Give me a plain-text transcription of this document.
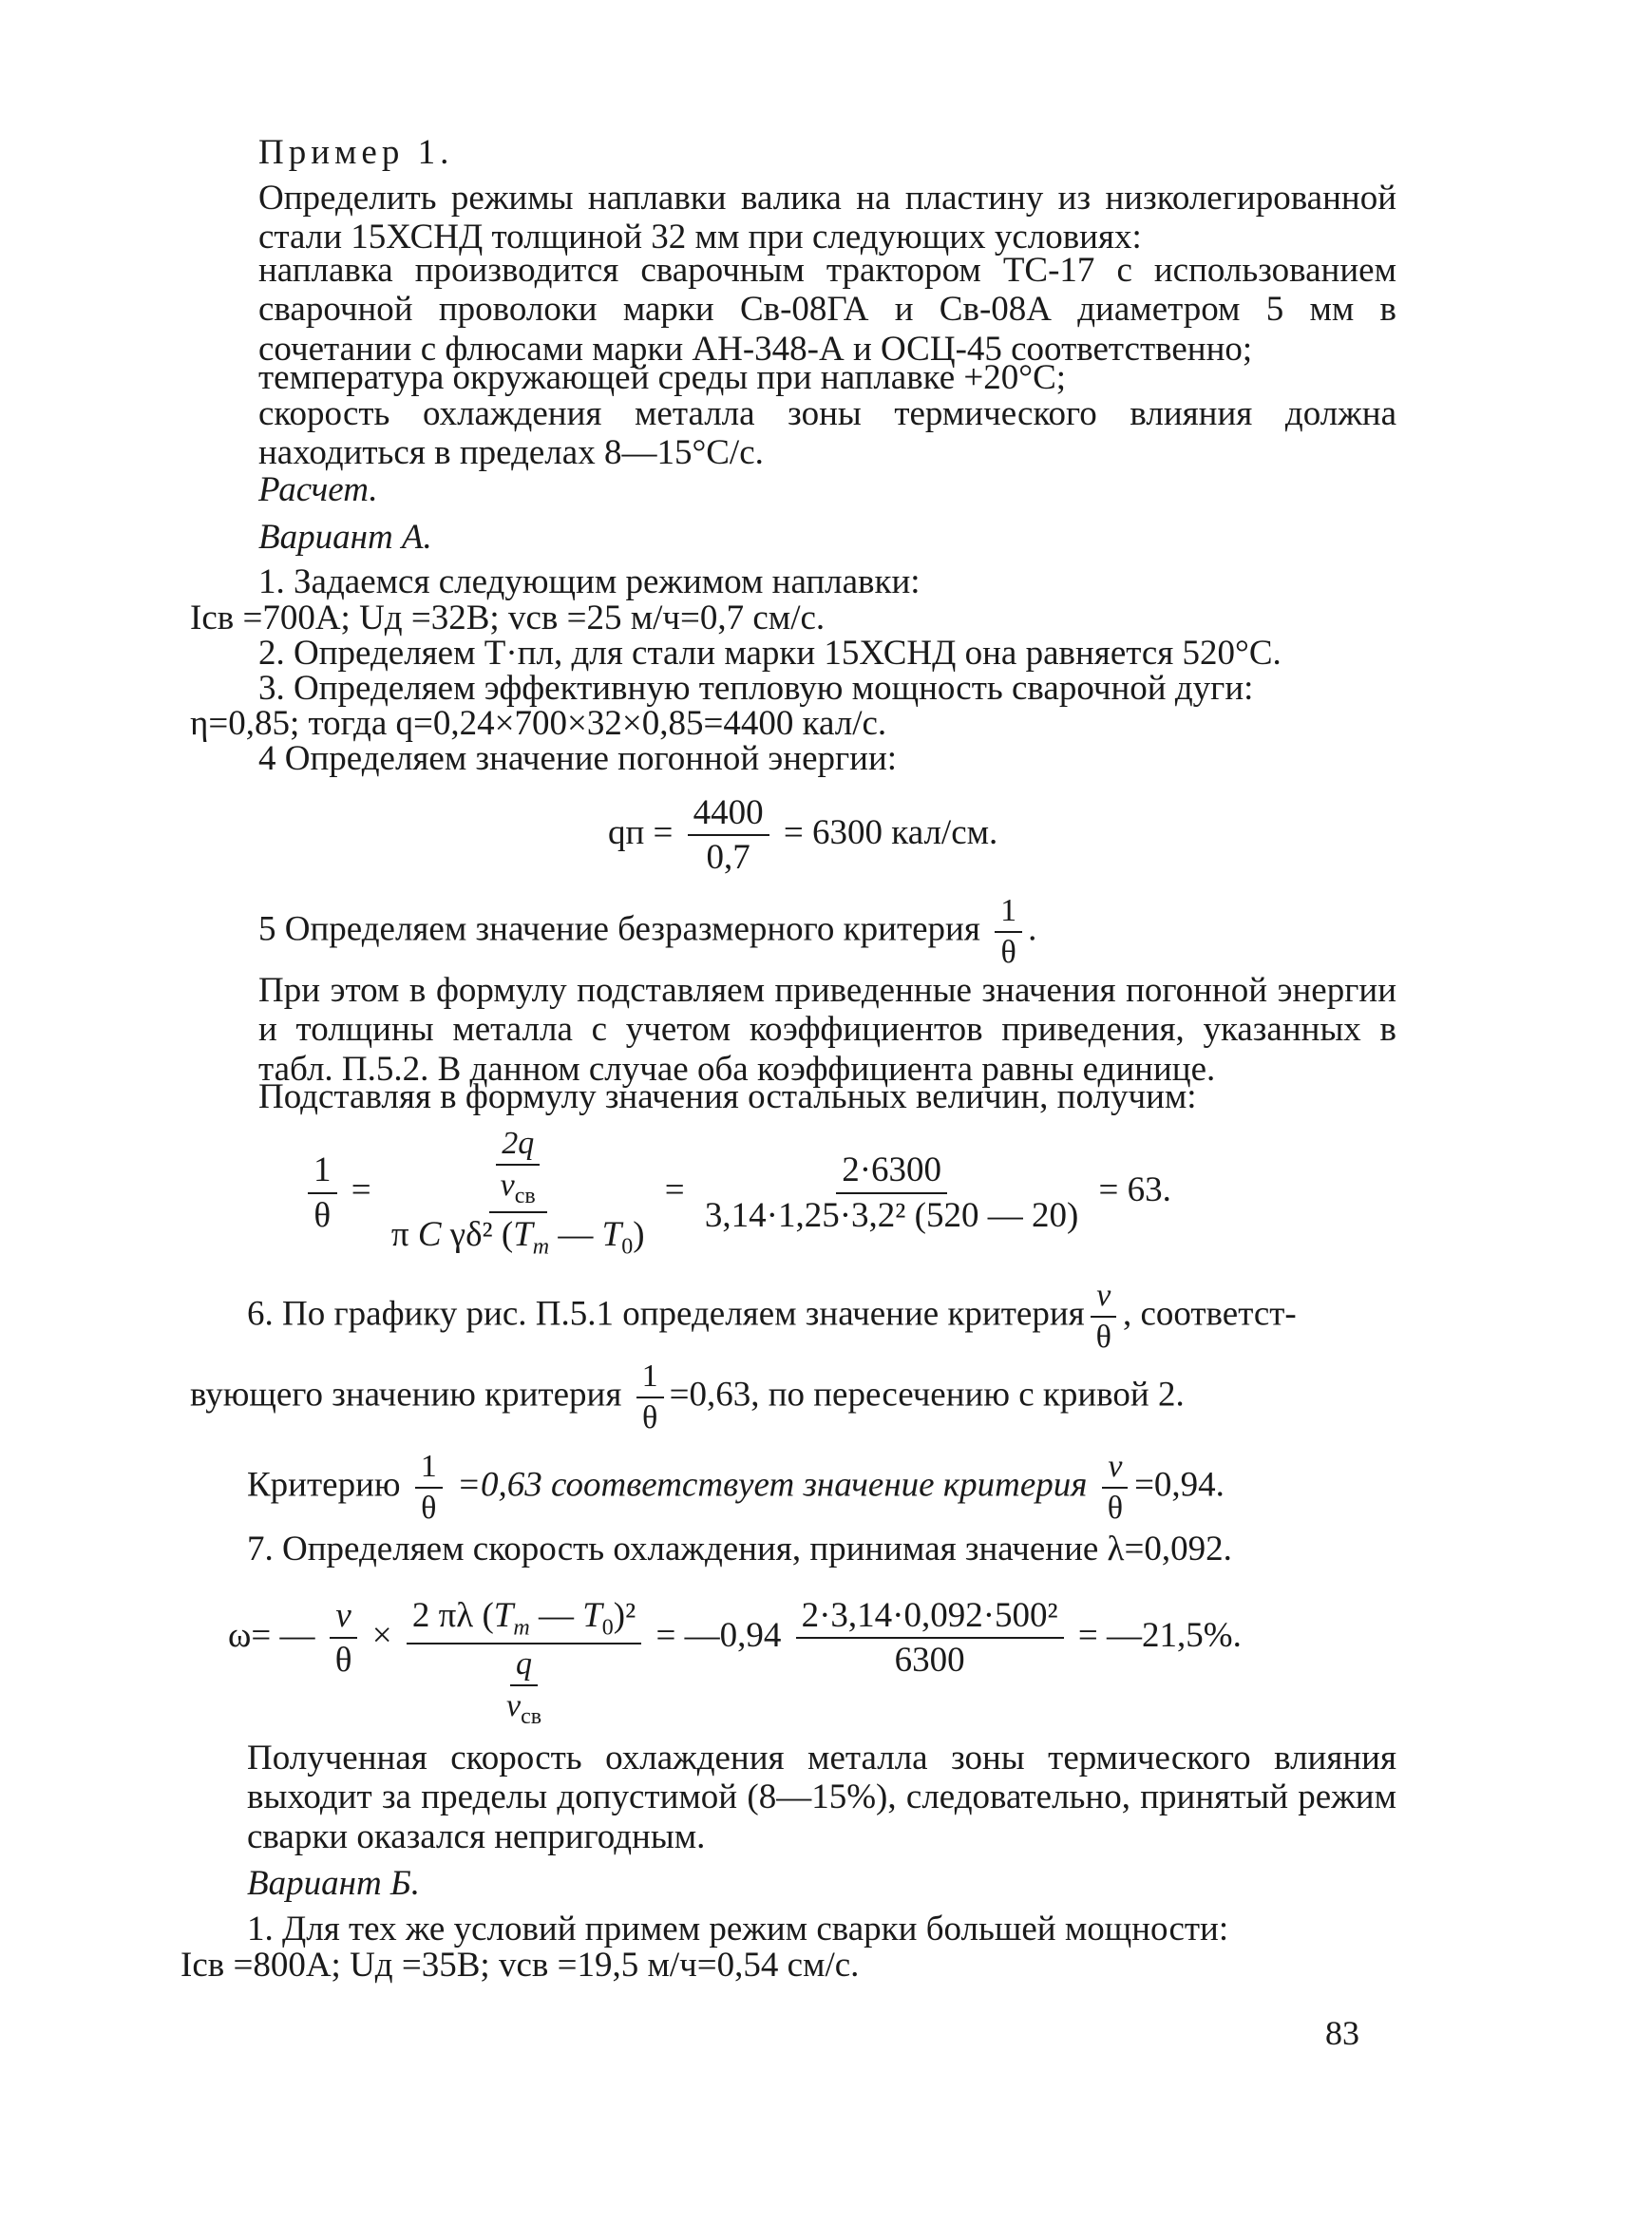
Пример 1.

Определить режимы наплавки валика на пластину из низколегированной стали 15ХСНД толщиной 32 мм при следующих условиях:

наплавка производится сварочным трактором ТС-17 с использованием сварочной проволоки марки Св-08ГА и Св-08А диаметром 5 мм в сочетании с флюсами марки АН-348-А и ОСЦ-45 соответственно;

температура окружающей среды при наплавке +20°С;

скорость охлаждения металла зоны термического влияния должна находиться в пределах 8—15°С/с.

Расчет.

Вариант А.

1. Задаемся следующим режимом наплавки:

Iсв =700А; Uд =32В; vсв =25 м/ч=0,7 см/с.

2. Определяем Т·пл, для стали марки 15ХСНД она равняется 520°С.

3. Определяем эффективную тепловую мощность сварочной дуги:

η=0,85; тогда q=0,24×700×32×0,85=4400 кал/с.

4 Определяем значение погонной энергии:

qп = $\frac{4400}{0,7} = 6300$ кал/см.
5 Определяем значение безразмерного критерия $\frac{1}{\theta}$ .

При этом в формулу подставляем приведенные значения погонной энергии и толщины металла с учетом коэффициентов приведения, указанных в табл. П.5.2. В данном случае оба коэффициента равны единице.

Подставляя в формулу значения остальных величин, получим:

$\frac{1}{\theta} = \frac{\frac{2q}{v_{св}}}{\pi C \gamma\delta^2 (T_m — T_0)} = \frac{2\cdot 6300}{\text{3,14·1,25·3,2² (520 — 20)}} = 63$.
6. По графику рис. П.5.1 определяем значение критерия $\frac{v}{\theta}$ , соответст-
вующего значению критерия $\frac{1}{\theta} =0,63$, по пересечению с кривой 2.
Критерию $\frac{1}{\theta} =0,63$ соответствует значение критерия $\frac{v}{\theta} =0,94$.

7. Определяем скорость охлаждения, принимая значение λ=0,092.

ω= — $\frac{v}{\theta} \times \frac{2 \pi\lambda (T_m — T_0)^2}{\frac{q}{v_{св}}}$ = —0,94 $\frac{\text{2·3,14·0,092·500²}}{6300}$ = —21,5%.

Полученная скорость охлаждения металла зоны термического влияния выходит за пределы допустимой (8—15%), следовательно, принятый режим сварки оказался непригодным.

Вариант Б.

1. Для тех же условий примем режим сварки большей мощности:

Iсв =800А; Uд =35В; vсв =19,5 м/ч=0,54 см/с.

83
